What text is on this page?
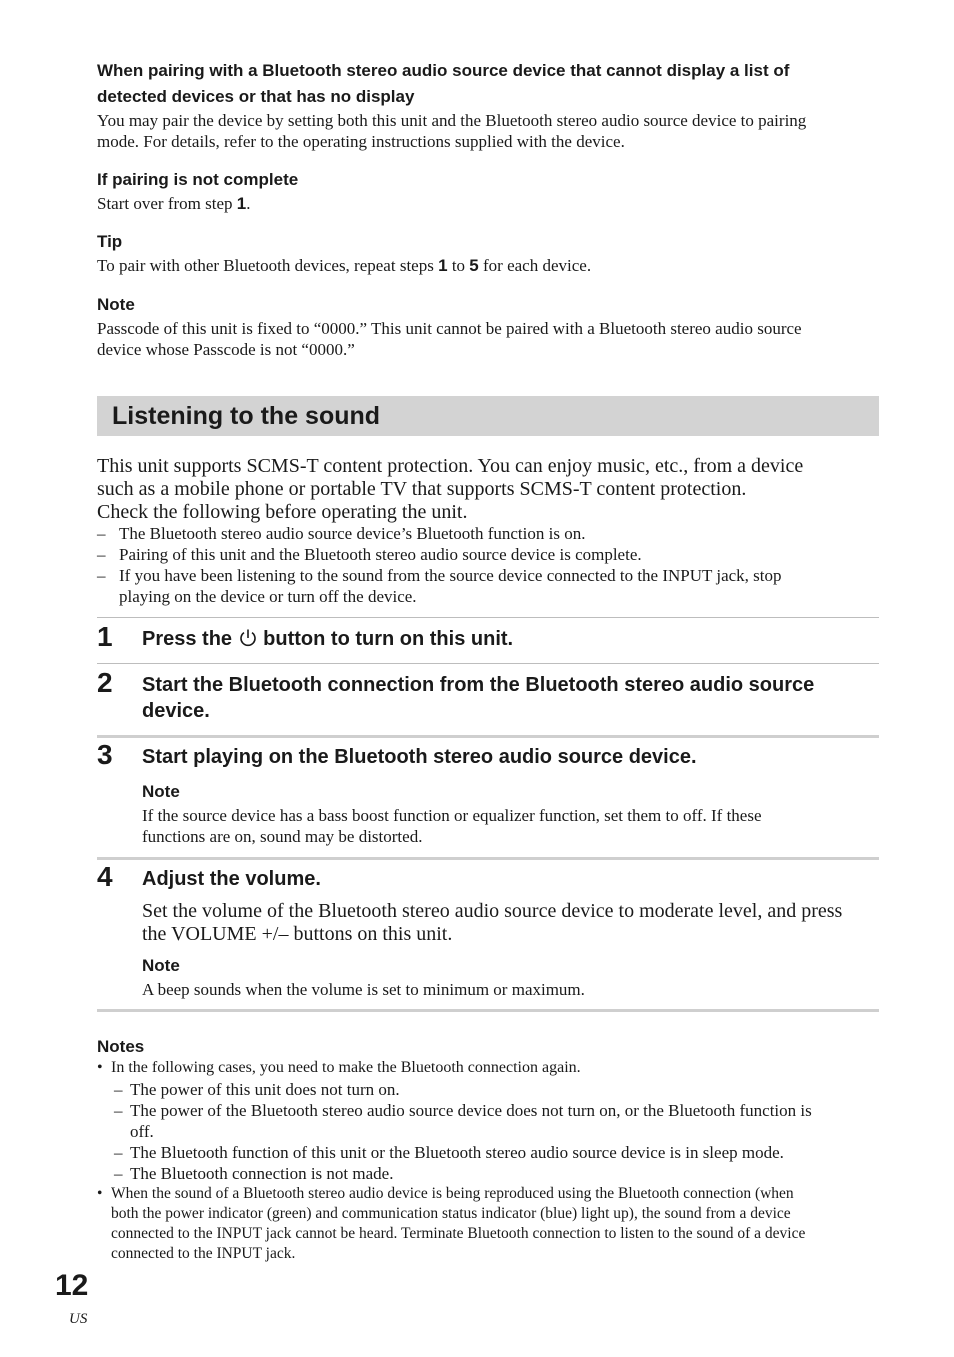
When pairing with a Bluetooth stereo audio source device that cannot display a list of
detected devices or that has no display
You may pair the device by setting both this unit and the Bluetooth stereo audio source device to pairing
mode. For details, refer to the operating instructions supplied with the device.
If pairing is not complete
Start over from step 1.
Tip
To pair with other Bluetooth devices, repeat steps 1 to 5 for each device.
Note
Passcode of this unit is fixed to “0000.” This unit cannot be paired with a Bluetooth stereo audio source
device whose Passcode is not “0000.”
Listening to the sound
This unit supports SCMS-T content protection. You can enjoy music, etc., from a device
such as a mobile phone or portable TV that supports SCMS-T content protection.
Check the following before operating the unit.
– The Bluetooth stereo audio source device’s Bluetooth function is on.
– Pairing of this unit and the Bluetooth stereo audio source device is complete.
– If you have been listening to the sound from the source device connected to the INPUT jack, stop
playing on the device or turn off the device.
1 Press the  button to turn on this unit.
2 Start the Bluetooth connection from the Bluetooth stereo audio source
device.
3 Start playing on the Bluetooth stereo audio source device.
Note
If the source device has a bass boost function or equalizer function, set them to off. If these
functions are on, sound may be distorted.
4 Adjust the volume.
Set the volume of the Bluetooth stereo audio source device to moderate level, and press
the VOLUME +/– buttons on this unit.
Note
A beep sounds when the volume is set to minimum or maximum.
Notes
• In the following cases, you need to make the Bluetooth connection again.
– The power of this unit does not turn on.
– The power of the Bluetooth stereo audio source device does not turn on, or the Bluetooth function is
off.
– The Bluetooth function of this unit or the Bluetooth stereo audio source device is in sleep mode.
– The Bluetooth connection is not made.
• When the sound of a Bluetooth stereo audio device is being reproduced using the Bluetooth connection (when
both the power indicator (green) and communication status indicator (blue) light up), the sound from a device
connected to the INPUT jack cannot be heard. Terminate Bluetooth connection to listen to the sound of a device
connected to the INPUT jack.
12
US
